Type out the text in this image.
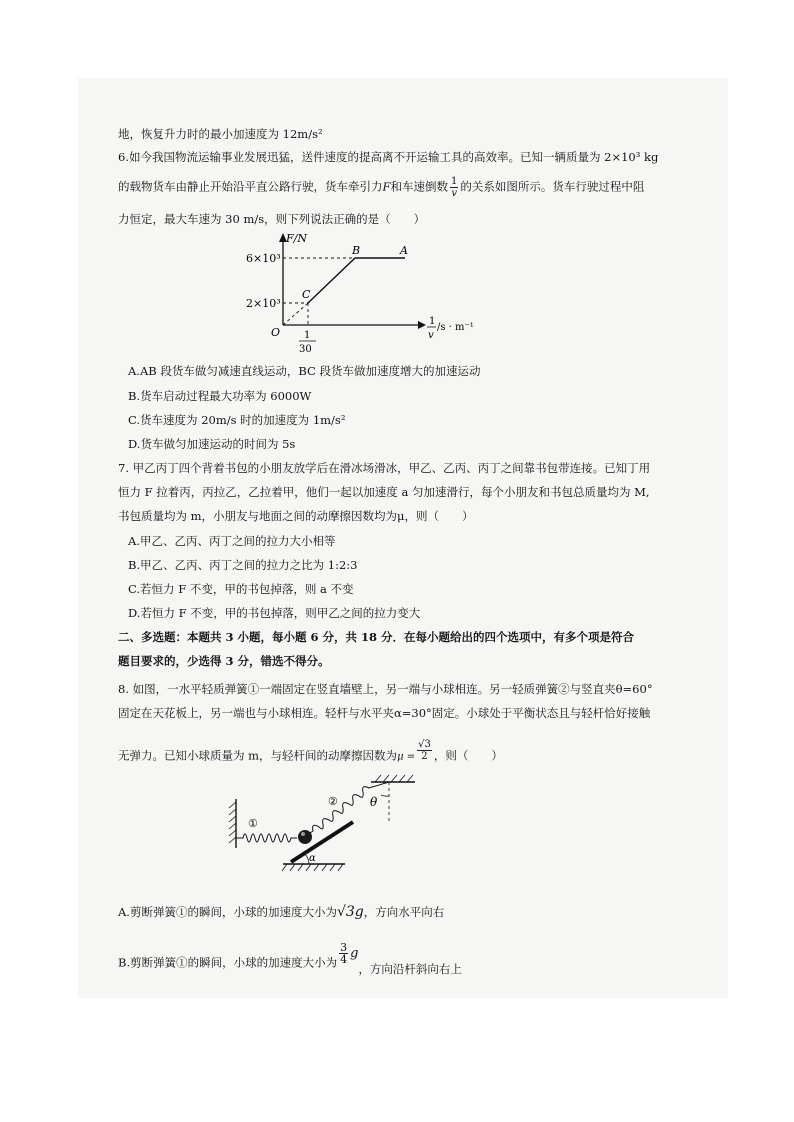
地，恢复升力时的最小加速度为 12m/s²
6.如今我国物流运输事业发展迅猛，送件速度的提高离不开运输工具的高效率。已知一辆质量为 2×10³ kg
的载物货车由静止开始沿平直公路行驶，货车牵引力F和车速倒数 $\frac{1}{v}$ 的关系如图所示。货车行驶过程中阻
力恒定，最大车速为 30 m/s，则下列说法正确的是（　　）
F/N
6×10³
2×10³
O 1
30
1
v
/s · m⁻¹
A
B
C
A.AB 段货车做匀减速直线运动，BC 段货车做加速度增大的加速运动
B.货车启动过程最大功率为 6000W
C.货车速度为 20m/s 时的加速度为 1m/s²
D.货车做匀加速运动的时间为 5s
7. 甲乙丙丁四个背着书包的小朋友放学后在滑冰场滑冰，甲乙、乙丙、丙丁之间靠书包带连接。已知丁用
恒力 F 拉着丙，丙拉乙，乙拉着甲，他们一起以加速度 a 匀加速滑行，每个小朋友和书包总质量均为 M,
书包质量均为 m，小朋友与地面之间的动摩擦因数均为μ，则（　　）
A.甲乙、乙丙、丙丁之间的拉力大小相等
B.甲乙、乙丙、丙丁之间的拉力之比为 1:2:3
C.若恒力 F 不变，甲的书包掉落，则 a 不变
D.若恒力 F 不变，甲的书包掉落，则甲乙之间的拉力变大
二、多选题：本题共 3 小题，每小题 6 分，共 18 分．在每小题给出的四个选项中，有多个项是符合
题目要求的，少选得 3 分，错选不得分。
8. 如图，一水平轻质弹簧①一端固定在竖直墙壁上，另一端与小球相连。另一轻质弹簧②与竖直夹θ=60°
固定在天花板上，另一端也与小球相连。轻杆与水平夹α=30°固定。小球处于平衡状态且与轻杆恰好接触
无弹力。已知小球质量为 m，与轻杆间的动摩擦因数为$\mu = \frac{√3}{2}$ ，则（　　）
①
②	θ
α
A.剪断弹簧①的瞬间，小球的加速度大小为√3g，方向水平向右
B.剪断弹簧①的瞬间，小球的加速度大小为 $\frac{3}{4}$ g，方向沿杆斜向右上
